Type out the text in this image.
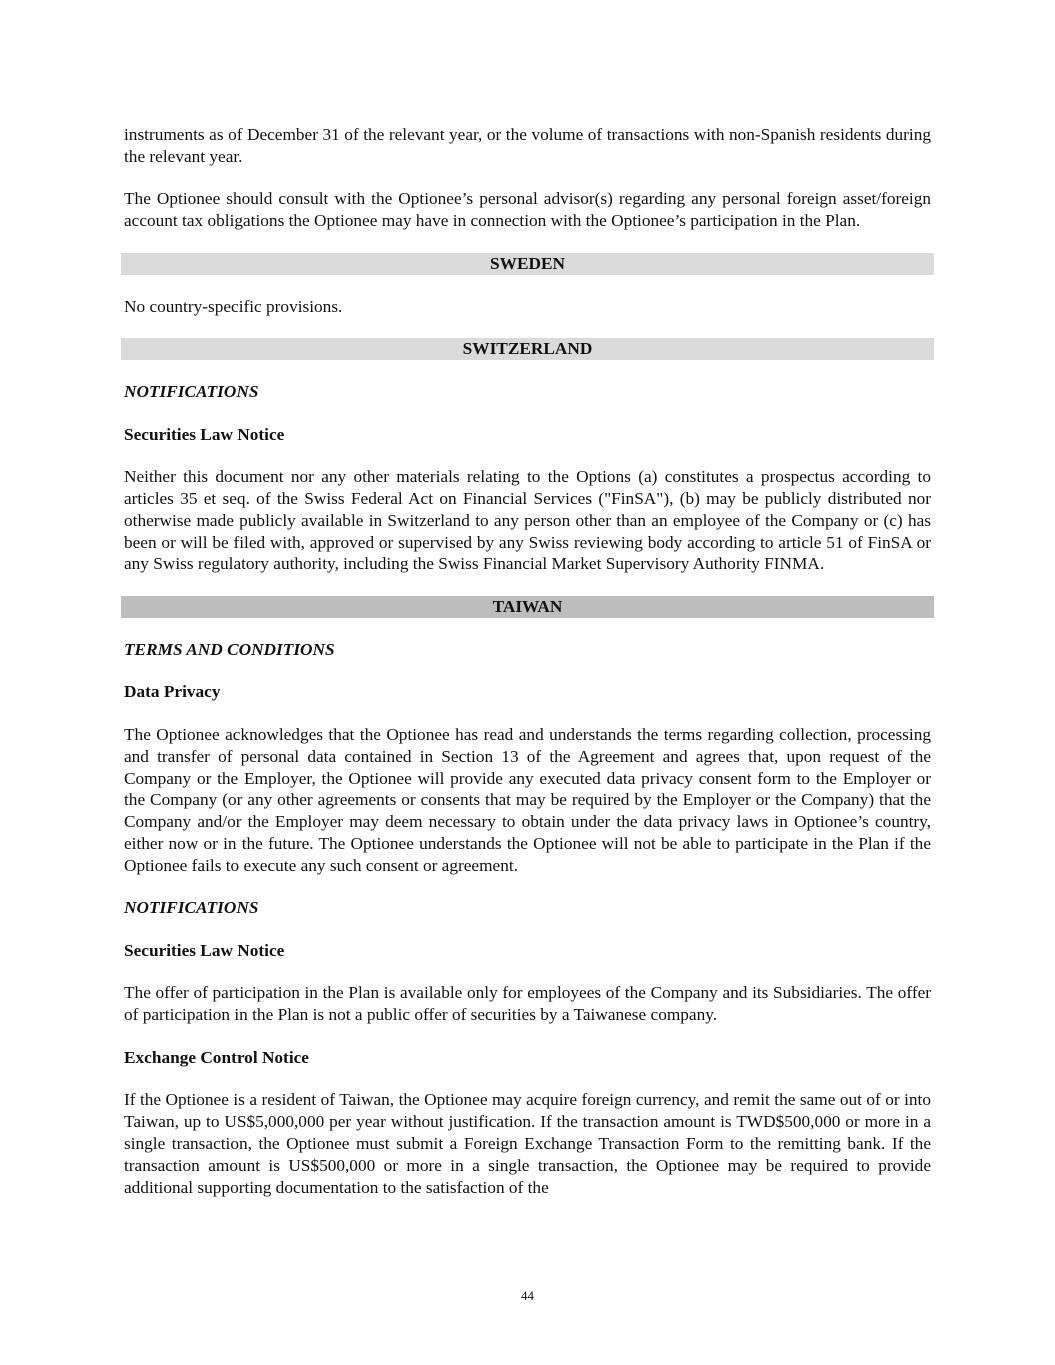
instruments as of December 31 of the relevant year, or the volume of transactions with non-Spanish residents during the relevant year.

The Optionee should consult with the Optionee’s personal advisor(s) regarding any personal foreign asset/foreign account tax obligations the Optionee may have in connection with the Optionee’s participation in the Plan.

SWEDEN

No country-specific provisions.

SWITZERLAND
NOTIFICATIONS
Securities Law Notice

Neither this document nor any other materials relating to the Options (a) constitutes a prospectus according to articles 35 et seq. of the Swiss Federal Act on Financial Services ("FinSA"), (b) may be publicly distributed nor otherwise made publicly available in Switzerland to any person other than an employee of the Company or (c) has been or will be filed with, approved or supervised by any Swiss reviewing body according to article 51 of FinSA or any Swiss regulatory authority, including the Swiss Financial Market Supervisory Authority FINMA.

TAIWAN
TERMS AND CONDITIONS
Data Privacy

The Optionee acknowledges that the Optionee has read and understands the terms regarding collection, processing and transfer of personal data contained in Section 13 of the Agreement and agrees that, upon request of the Company or the Employer, the Optionee will provide any executed data privacy consent form to the Employer or the Company (or any other agreements or consents that may be required by the Employer or the Company) that the Company and/or the Employer may deem necessary to obtain under the data privacy laws in Optionee’s country, either now or in the future. The Optionee understands the Optionee will not be able to participate in the Plan if the Optionee fails to execute any such consent or agreement.

NOTIFICATIONS
Securities Law Notice

The offer of participation in the Plan is available only for employees of the Company and its Subsidiaries. The offer of participation in the Plan is not a public offer of securities by a Taiwanese company.

Exchange Control Notice

If the Optionee is a resident of Taiwan, the Optionee may acquire foreign currency, and remit the same out of or into Taiwan, up to US$5,000,000 per year without justification. If the transaction amount is TWD$500,000 or more in a single transaction, the Optionee must submit a Foreign Exchange Transaction Form to the remitting bank. If the transaction amount is US$500,000 or more in a single transaction, the Optionee may be required to provide additional supporting documentation to the satisfaction of the

44
